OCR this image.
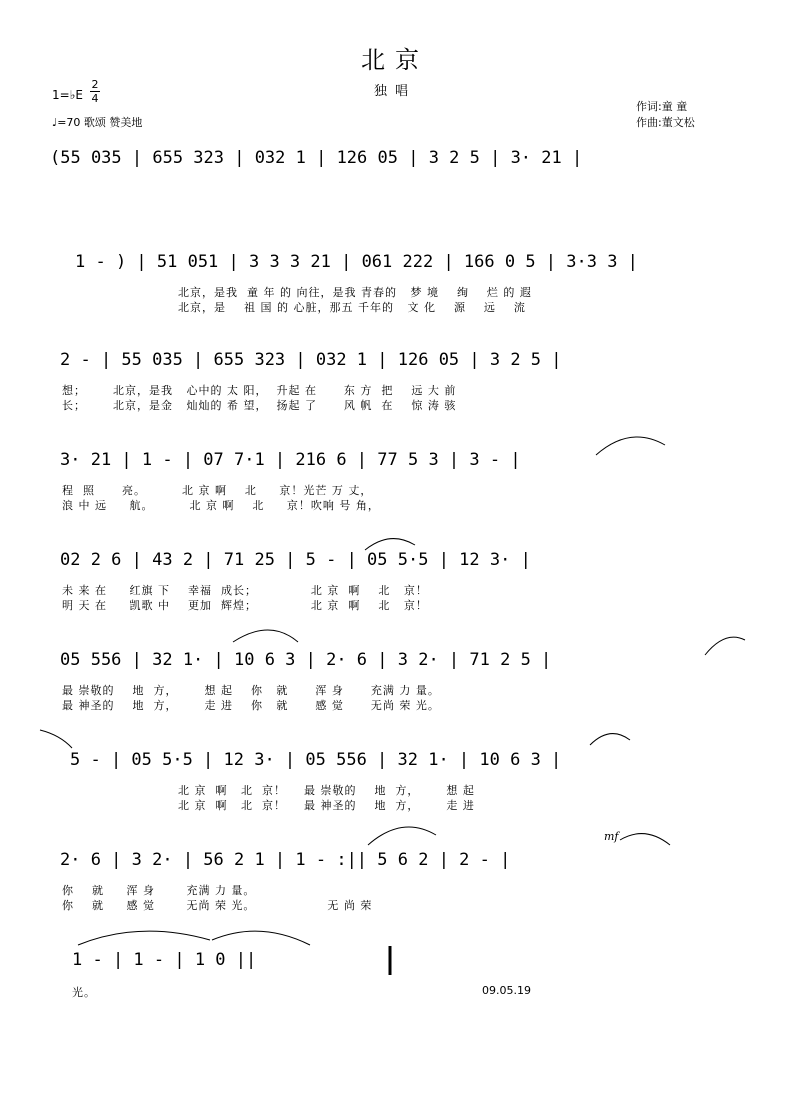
北京
独唱
作词:童 童
作曲:董文松
1=♭E
2
4
♩=70 歌颂 赞美地
(55 035 | 655 323 | 032 1 | 126 05 | 3 2 5 | 3· 21 |
1 - ) | 51 051 | 3 3 3 21 | 061 222 | 166 0 5 | 3·3 3 |
北京，是我  童 年 的 向往，是我 青春的   梦 境    绚    烂 的 遐
北京，是    祖 国 的 心脏，那五 千年的   文 化    源    远    流
2 - | 55 035 | 655 323 | 032 1 | 126 05 | 3 2 5 |
想；      北京，是我   心中的 太 阳，  升起 在      东 方  把    远 大 前
长；      北京，是金   灿灿的 希 望，  扬起 了      风 帆  在    惊 涛 骇
3· 21 | 1 - | 07 7·1 | 216 6 | 77 5 3 | 3 - |
程  照      亮。        北 京 啊    北     京！光芒 万 丈，
浪 中 远     航。        北 京 啊    北     京！吹响 号 角，
02 2 6 | 43 2 | 71 25 | 5 - | 05 5·5 | 12 3· |
未 来 在     红旗 下    幸福  成长；            北 京  啊    北   京！
明 天 在     凯歌 中    更加  辉煌；            北 京  啊    北   京！
05 556 | 32 1· | 10 6 3 | 2· 6 | 3 2· | 71 2 5 |
最 崇敬的    地  方，      想 起    你   就      浑 身      充满 力 量。
最 神圣的    地  方，      走 进    你   就      感 觉      无尚 荣 光。
5 - | 05 5·5 | 12 3· | 05 556 | 32 1· | 10 6 3 |
北 京  啊   北  京！    最 崇敬的    地  方，      想 起
北 京  啊   北  京！    最 神圣的    地  方，      走 进
2· 6 | 3 2· | 56 2 1 | 1 - :|| 5 6 2 | 2 - |
mf
你    就     浑 身       充满 力 量。
你    就     感 觉       无尚 荣 光。                无 尚 荣
1 - | 1 - | 1 0 ||
光。	09.05.19
